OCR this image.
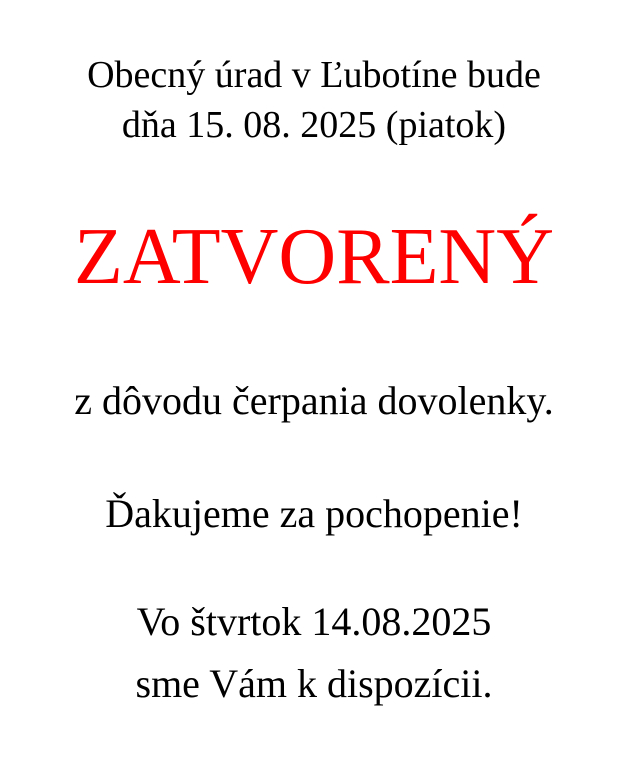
Obecný úrad v Ľubotíne bude
dňa 15. 08. 2025 (piatok)
ZATVORENÝ
z dôvodu čerpania dovolenky.
Ďakujeme za pochopenie!
Vo štvrtok 14.08.2025
sme Vám k dispozícii.
